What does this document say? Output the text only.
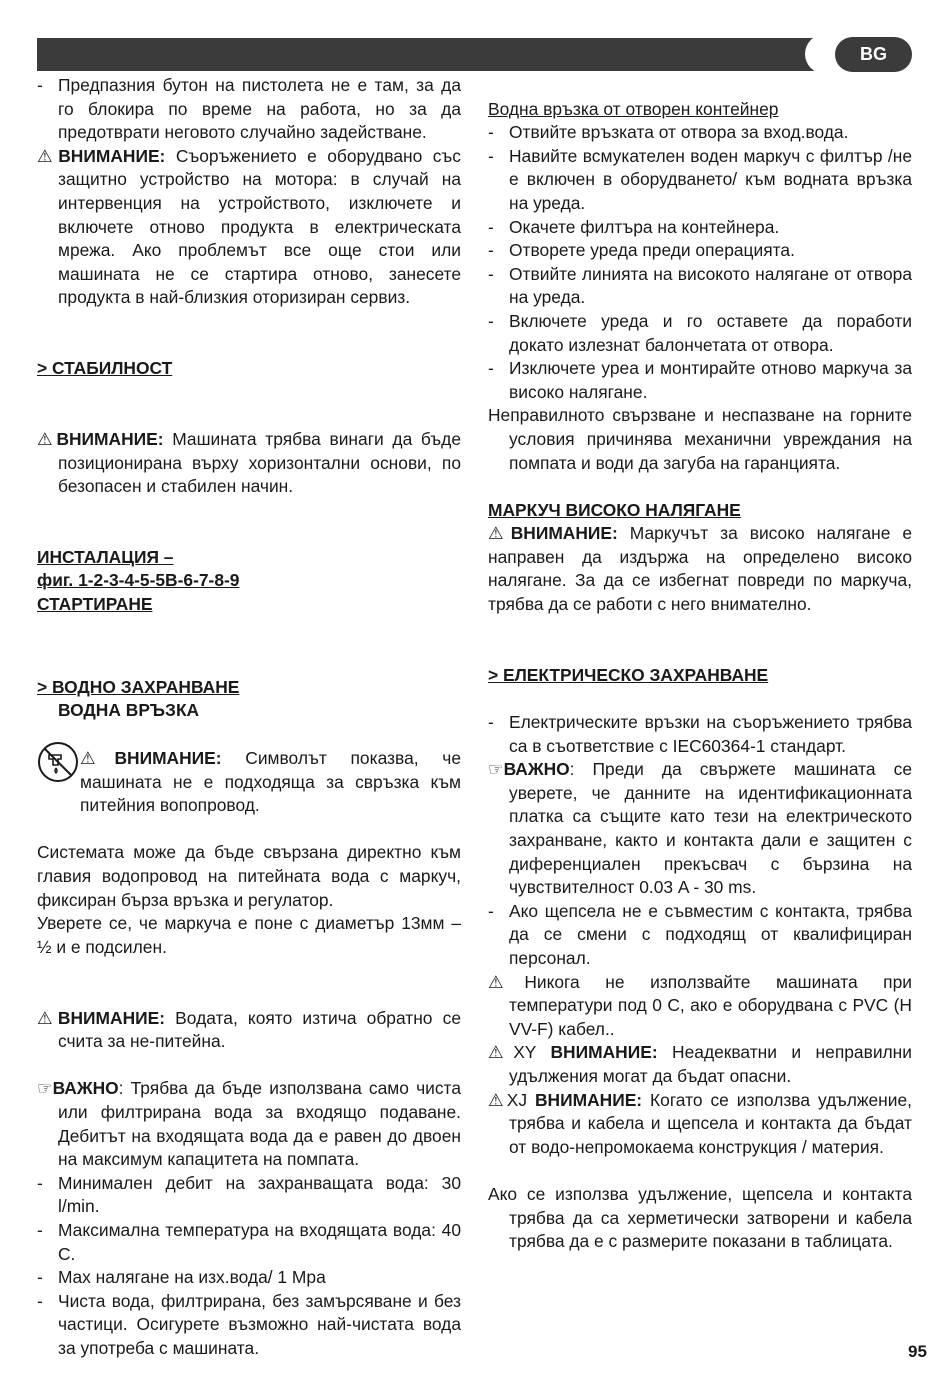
BG

- Предпазния бутон на пистолета не е там, за да го блокира по време на работа, но за да предотврати неговото случайно задействане.

⚠ВНИМАНИЕ: Съоръжението е оборудвано със защитно устройство на мотора: в случай на интервенция на устройството, изключете и включете отново продукта в електрическата мрежа. Ако проблемът все още стои или машината не се стартира отново, занесете продукта в най-близкия оторизиран сервиз.

> СТАБИЛНОСТ

⚠ВНИМАНИЕ: Машината трябва винаги да бъде позиционирана върху хоризонтални основи, по безопасен и стабилен начин.

ИНСТАЛАЦИЯ –

фиг. 1-2-3-4-5-5B-6-7-8-9

СТАРТИРАНЕ

> ВОДНО ЗАХРАНВАНЕ

ВОДНА ВРЪЗКА

⚠ВНИМАНИЕ: Символът показва, че машината не е подходяща за свръзка към питейния вопопровод.

Системата може да бъде свързана директно към главия водопровод на питейната вода с маркуч, фиксиран бърза връзка и регулатор.

Уверете се, че маркуча е поне с диаметър 13мм – ½ и е подсилен.

⚠ВНИМАНИЕ: Водата, която изтича обратно се счита за не-питейна.

☞ВАЖНО: Трябва да бъде използвана само чиста или филтрирана вода за входящо подаване. Дебитът на входящата вода да е равен до двоен на максимум капацитета на помпата.

- Минимален дебит на захранващата вода: 30 l/min.

- Максимална температура на входящата вода: 40 C.

- Max налягане на изх.вода/ 1 Mpa

- Чиста вода, филтрирана, без замърсяване и без частици. Осигурете възможно най-чистата вода за употреба с машината.

Водна връзка от отворен контейнер

- Отвийте връзката от отвора за вход.вода.

- Навийте всмукателен воден маркуч с филтър /не е включен в оборудването/ към водната връзка на уреда.

- Окачете филтъра на контейнера.

- Отворете уреда преди операцията.

- Отвийте линията на високото налягане от отвора на уреда.

- Включете уреда и го оставете да поработи докато излезнат балончетата от отвора.

- Изключете уреа и монтирайте отново маркуча за високо налягане.

Неправилното свързване и неспазване на горните условия причинява механични увреждания на помпата и води да загуба на гаранцията.

МАРКУЧ ВИСОКО НАЛЯГАНЕ

⚠ВНИМАНИЕ: Маркучът за високо налягане е направен да издържа на определено високо налягане. За да се избегнат повреди по маркуча, трябва да се работи с него внимателно.

> ЕЛЕКТРИЧЕСКО ЗАХРАНВАНЕ

- Електрическите връзки на съоръжението трябва са в съответствие с IEC60364-1 стандарт.

☞ВАЖНО: Преди да свържете машината се уверете, че данните на идентификационната платка са същите като тези на електрическото захранване, както и контакта дали е защитен с диференциален прекъсвач с бързина на чувствителност 0.03 A - 30 ms.

- Ако щепсела не е съвместим с контакта, трябва да се смени с подходящ от квалифициран персонал.

⚠Никога не използвайте машината при температури под 0 C, ако е оборудвана с PVC (H VV-F) кабел..

⚠XY ВНИМАНИЕ: Неадекватни и неправилни удължения могат да бъдат опасни.

⚠XJ ВНИМАНИЕ: Когато се използва удължение, трябва и кабела и щепсела и контакта да бъдат от водо-непромокаема конструкция / материя.

Ако се използва удължение, щепсела и контакта трябва да са херметически затворени и кабела трябва да е с размерите показани в таблицата.

95
